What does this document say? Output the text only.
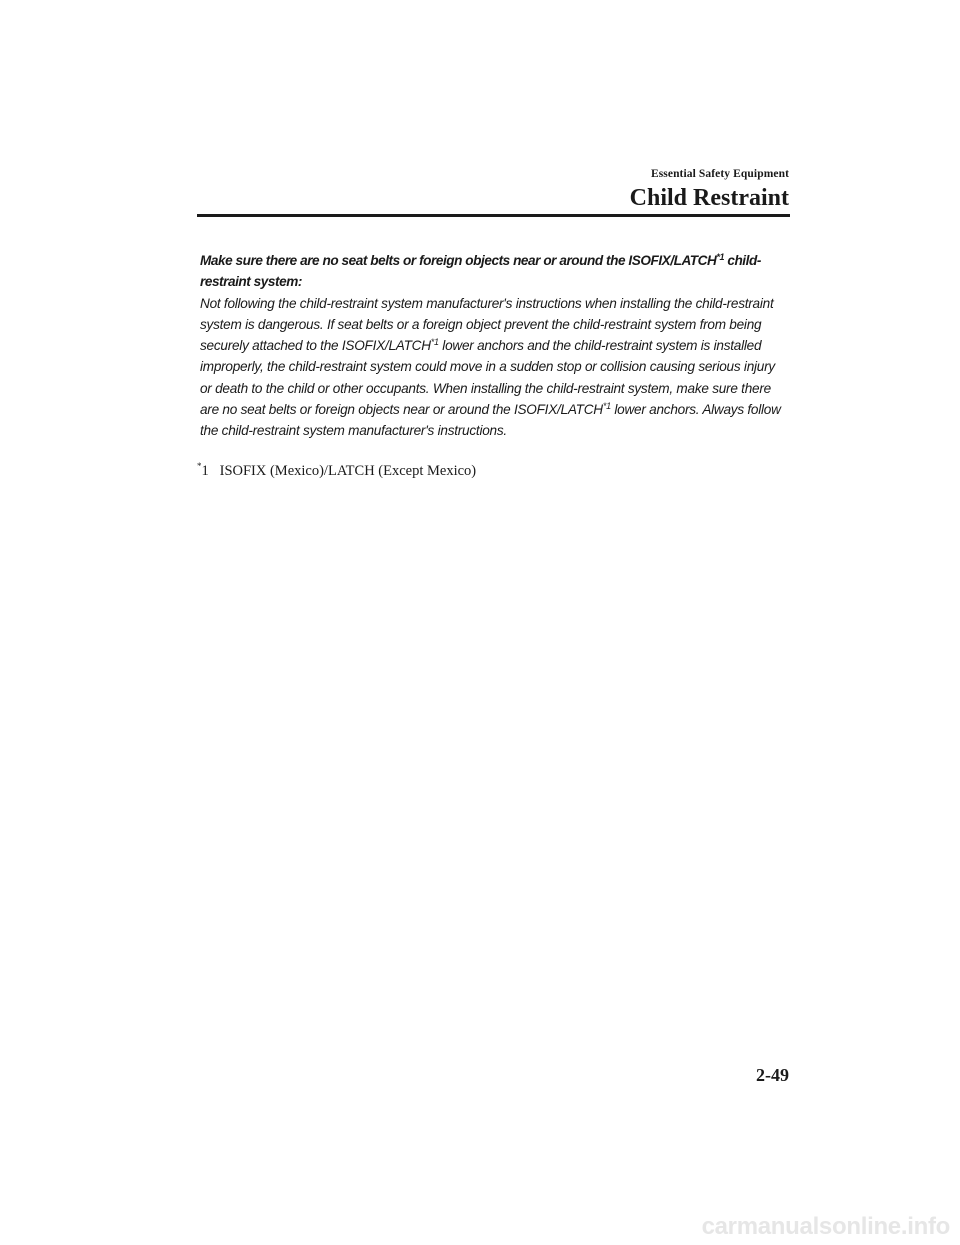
Essential Safety Equipment
Child Restraint
Make sure there are no seat belts or foreign objects near or around the ISOFIX/LATCH$^{*1}$ child-restraint system:

Not following the child-restraint system manufacturer's instructions when installing the child-restraint system is dangerous. If seat belts or a foreign object prevent the child-restraint system from being securely attached to the ISOFIX/LATCH$^{*1}$ lower anchors and the child-restraint system is installed improperly, the child-restraint system could move in a sudden stop or collision causing serious injury or death to the child or other occupants. When installing the child-restraint system, make sure there are no seat belts or foreign objects near or around the ISOFIX/LATCH$^{*1}$ lower anchors. Always follow the child-restraint system manufacturer's instructions.

*1   ISOFIX (Mexico)/LATCH (Except Mexico)
2-49
carmanualsonline.info
